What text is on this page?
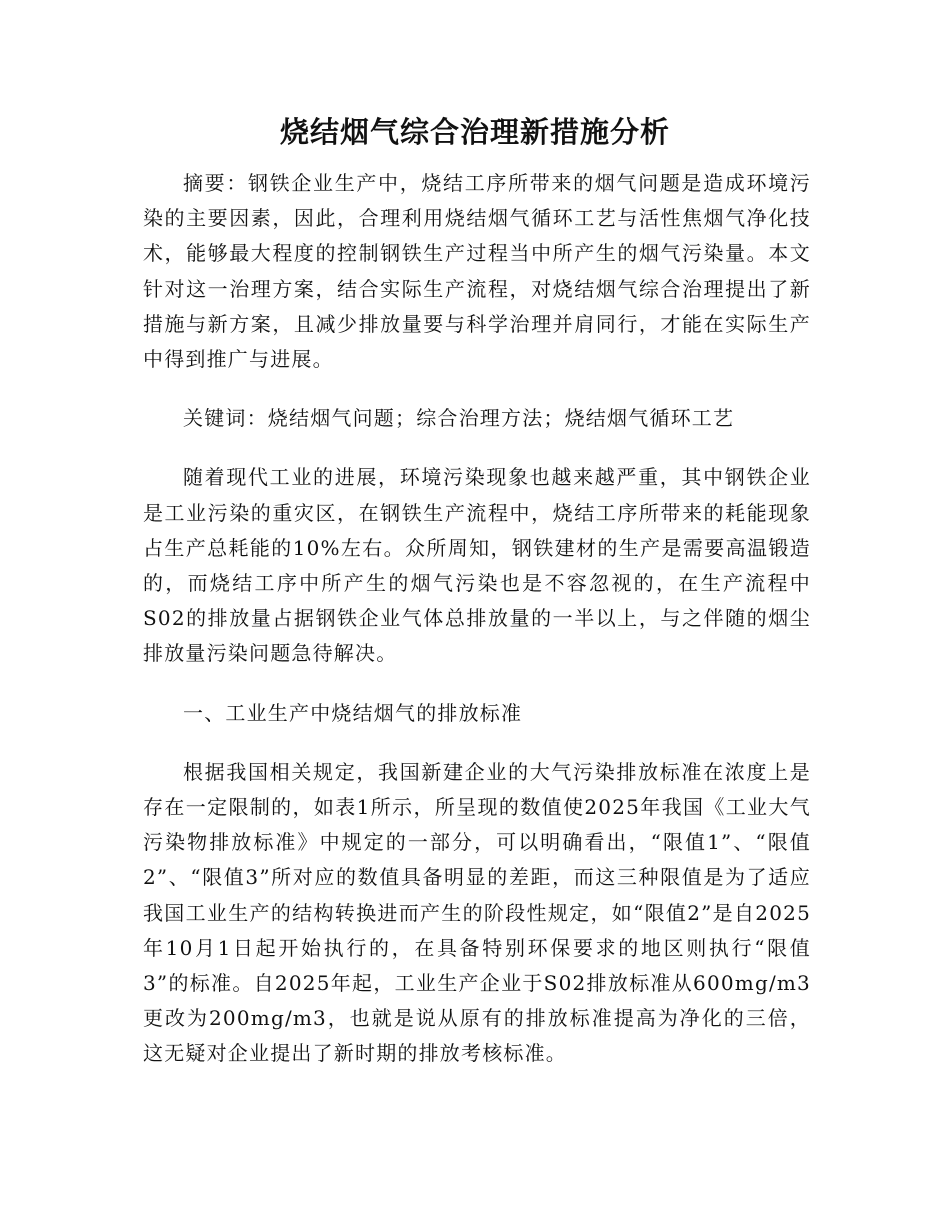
烧结烟气综合治理新措施分析

摘要：钢铁企业生产中，烧结工序所带来的烟气问题是造成环境污染的主要因素，因此，合理利用烧结烟气循环工艺与活性焦烟气净化技术，能够最大程度的控制钢铁生产过程当中所产生的烟气污染量。本文针对这一治理方案，结合实际生产流程，对烧结烟气综合治理提出了新措施与新方案，且减少排放量要与科学治理并肩同行，才能在实际生产中得到推广与进展。

关键词：烧结烟气问题；综合治理方法；烧结烟气循环工艺

随着现代工业的进展，环境污染现象也越来越严重，其中钢铁企业是工业污染的重灾区，在钢铁生产流程中，烧结工序所带来的耗能现象占生产总耗能的10%左右。众所周知，钢铁建材的生产是需要高温锻造的，而烧结工序中所产生的烟气污染也是不容忽视的，在生产流程中S02的排放量占据钢铁企业气体总排放量的一半以上，与之伴随的烟尘排放量污染问题急待解决。

一、工业生产中烧结烟气的排放标准

根据我国相关规定，我国新建企业的大气污染排放标准在浓度上是存在一定限制的，如表1所示，所呈现的数值使2025年我国《工业大气污染物排放标准》中规定的一部分，可以明确看出，“限值1”、“限值2”、“限值3”所对应的数值具备明显的差距，而这三种限值是为了适应我国工业生产的结构转换进而产生的阶段性规定，如“限值2”是自2025年10月1日起开始执行的，在具备特别环保要求的地区则执行“限值3”的标准。自2025年起，工业生产企业于S02排放标准从600mg/m3更改为200mg/m3，也就是说从原有的排放标准提高为净化的三倍，这无疑对企业提出了新时期的排放考核标准。
